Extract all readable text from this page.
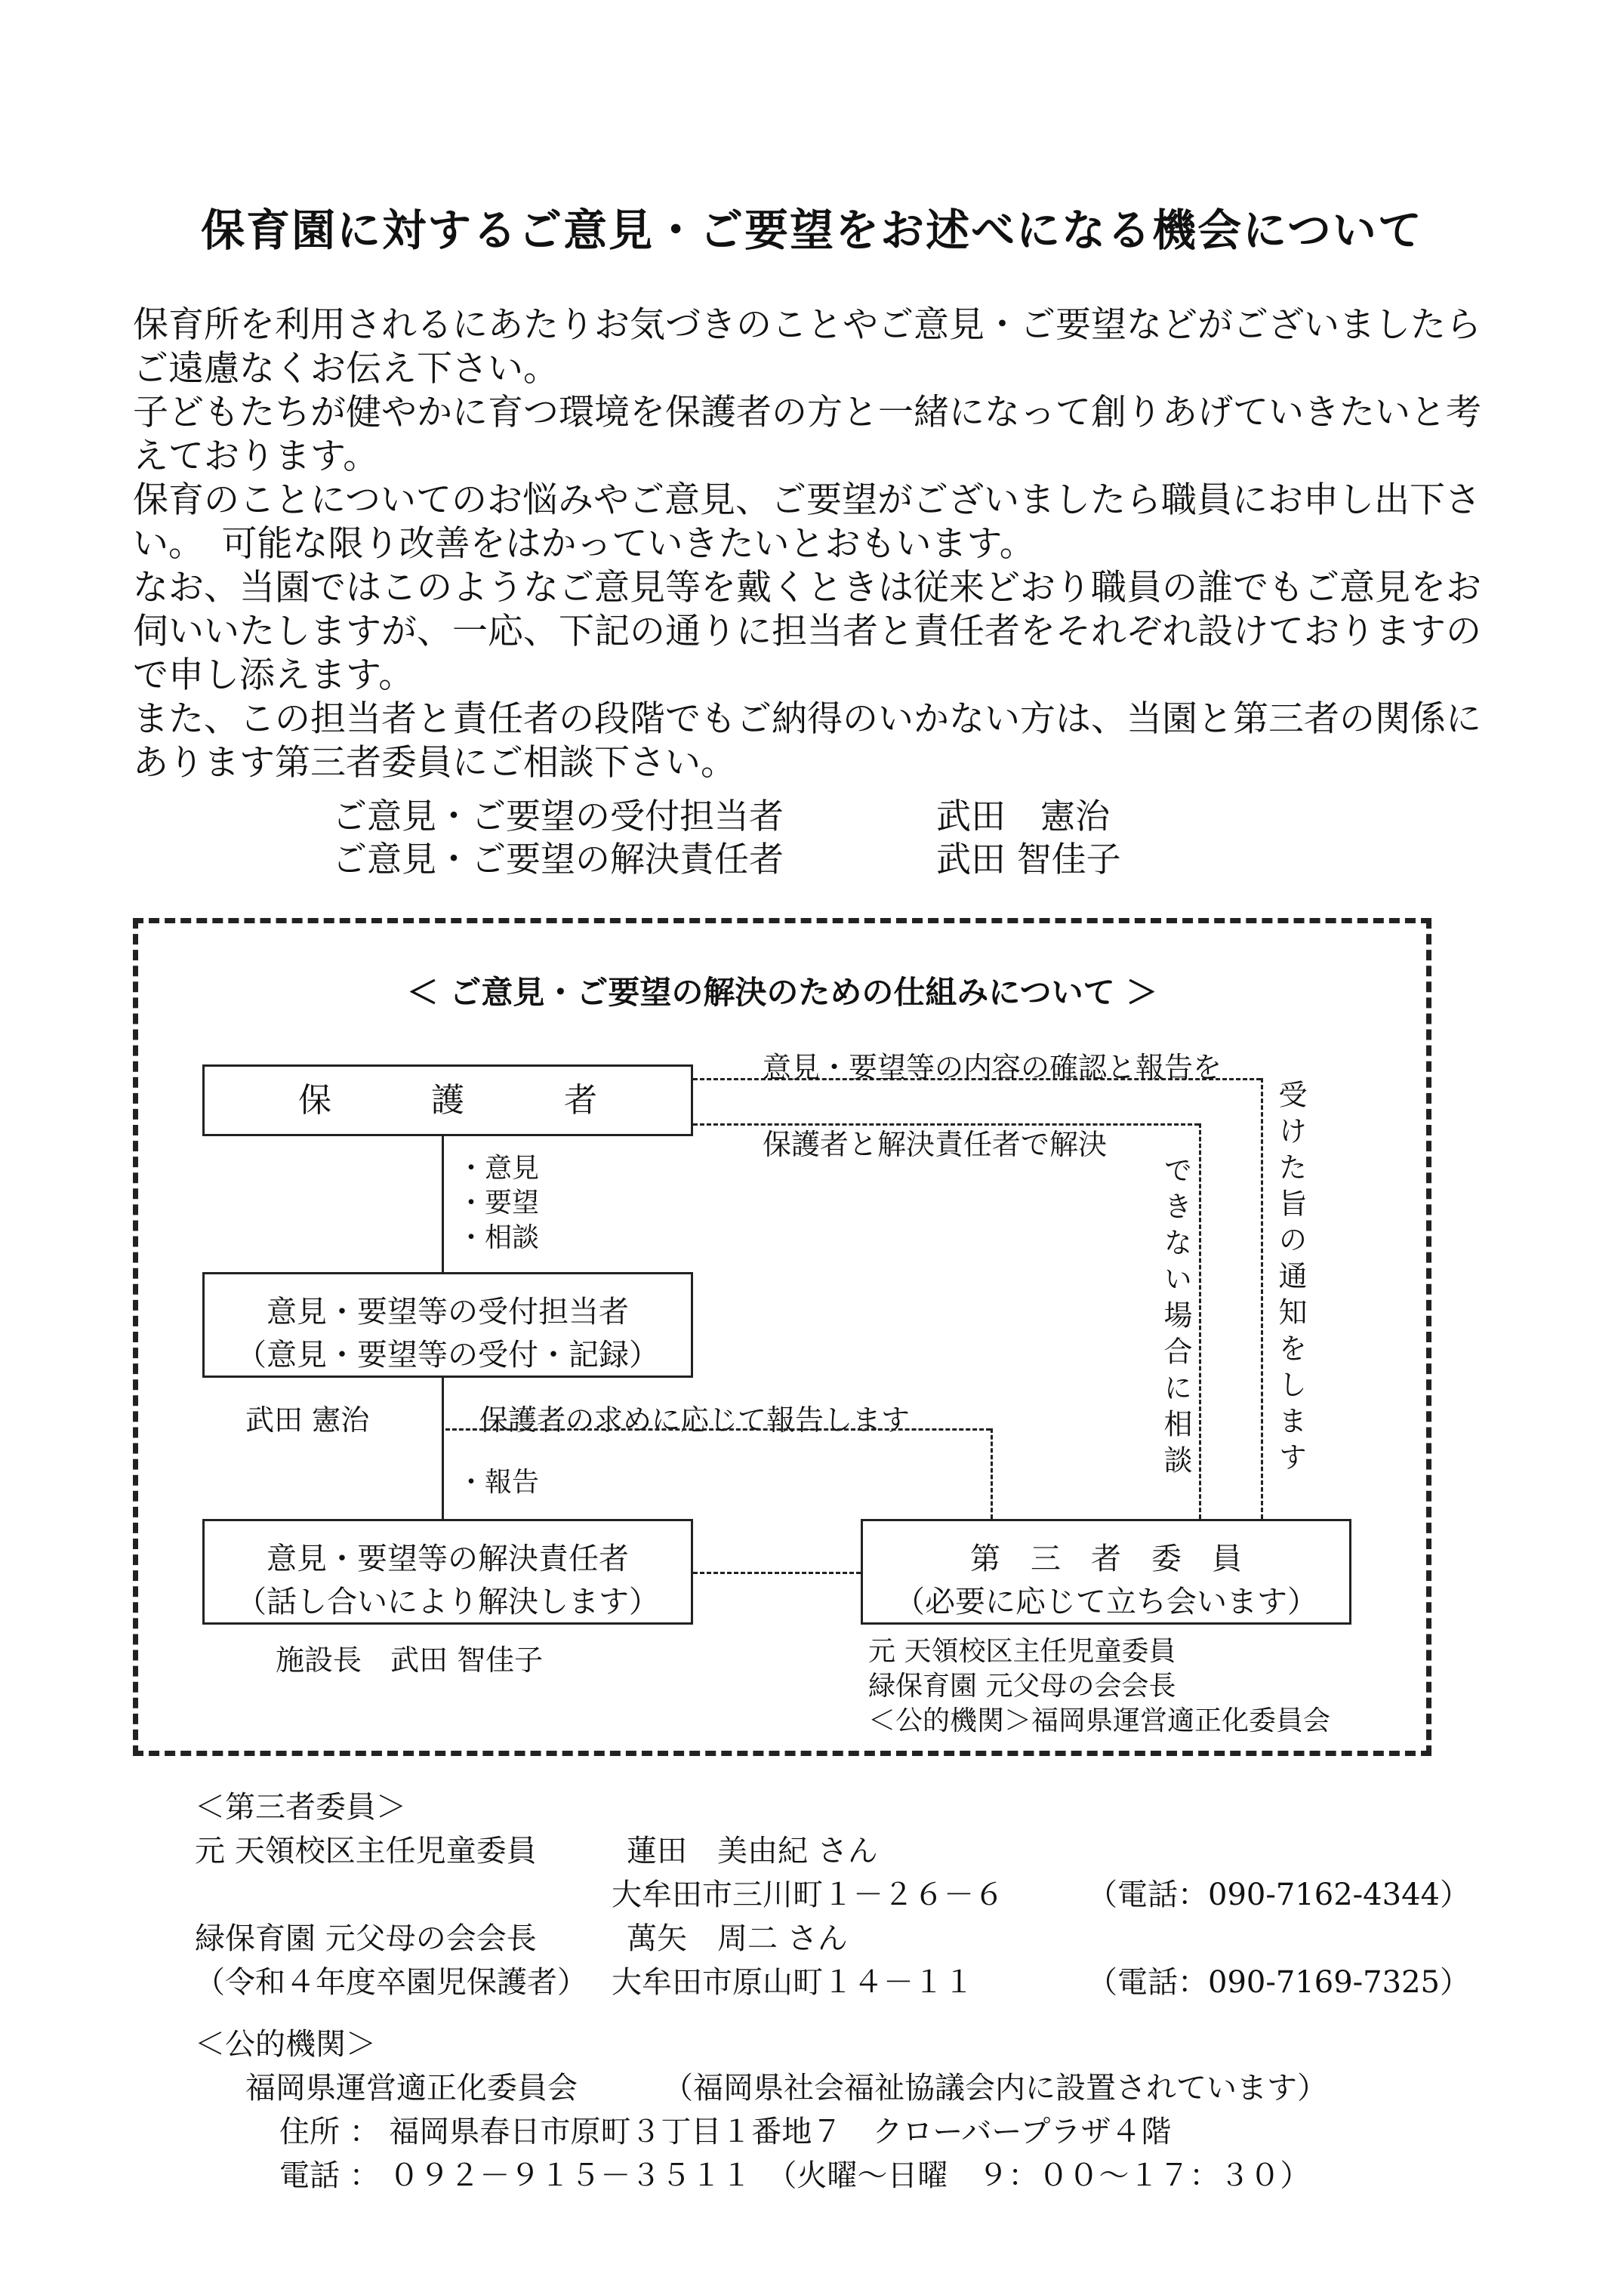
保育園に対するご意見・ご要望をお述べになる機会について

保育所を利用されるにあたりお気づきのことやご意見・ご要望などがございましたらご遠慮なくお伝え下さい。

子どもたちが健やかに育つ環境を保護者の方と一緒になって創りあげていきたいと考えております。

保育のことについてのお悩みやご意見、ご要望がございましたら職員にお申し出下さい。　可能な限り改善をはかっていきたいとおもいます。

なお、当園ではこのようなご意見等を戴くときは従来どおり職員の誰でもご意見をお伺いいたしますが、一応、下記の通りに担当者と責任者をそれぞれ設けておりますので申し添えます。

また、この担当者と責任者の段階でもご納得のいかない方は、当園と第三者の関係にあります第三者委員にご相談下さい。

ご意見・ご要望の受付担当者	武田　憲治
ご意見・ご要望の解決責任者	武田 智佳子
＜ ご意見・ご要望の解決のための仕組みについて ＞
保　　　護　　　者
・意見
・要望
・相談
意見・要望等の受付担当者
（意見・要望等の受付・記録）
武田 憲治
・報告
保護者の求めに応じて報告します
意見・要望等の解決責任者
（話し合いにより解決します）
施設長　武田 智佳子
第　三　者　委　員
（必要に応じて立ち会います）
元 天領校区主任児童委員
緑保育園 元父母の会会長
＜公的機関＞福岡県運営適正化委員会
意見・要望等の内容の確認と報告を
受けた旨の通知をします
保護者と解決責任者で解決
できない場合に相談
＜第三者委員＞
元 天領校区主任児童委員	蓮田　美由紀 さん
大牟田市三川町１－２６－６	（電話：090-7162-4344）
緑保育園 元父母の会会長	萬矢　周二 さん
（令和４年度卒園児保護者） 大牟田市原山町１４－１１	（電話：090-7169-7325）
＜公的機関＞
福岡県運営適正化委員会	（福岡県社会福祉協議会内に設置されています）
住所 ： 福岡県春日市原町３丁目１番地７　クローバープラザ４階
電話 ： ０９２－９１５－３５１１　（火曜～日曜　９：００～１７：３０）
